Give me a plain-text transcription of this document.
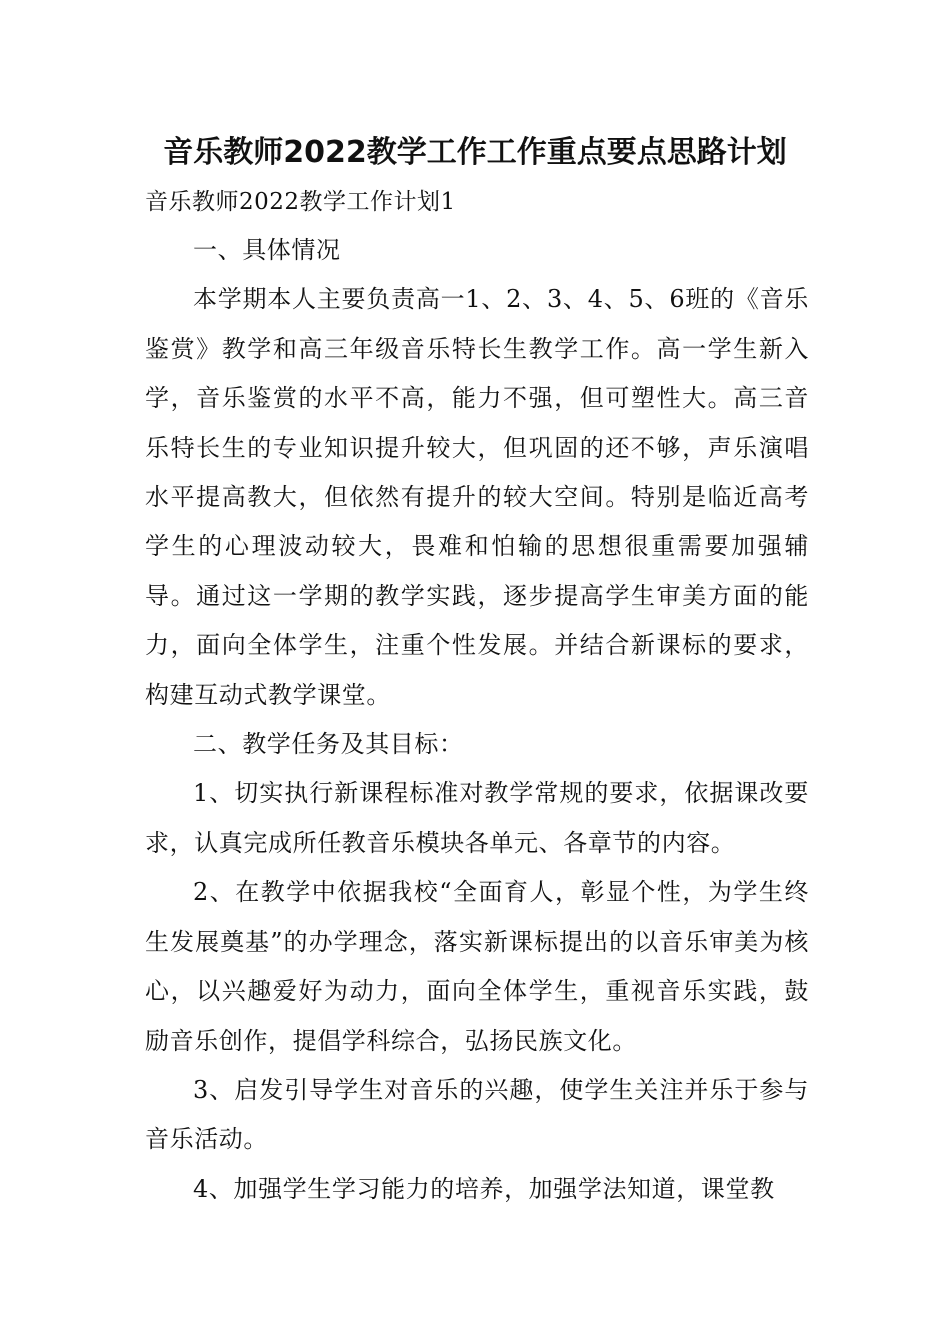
音乐教师2022教学工作工作重点要点思路计划

音乐教师2022教学工作计划1

一、具体情况

本学期本人主要负责高一1、2、3、4、5、6班的《音乐鉴赏》教学和高三年级音乐特长生教学工作。高一学生新入学，音乐鉴赏的水平不高，能力不强，但可塑性大。高三音乐特长生的专业知识提升较大，但巩固的还不够，声乐演唱水平提高教大，但依然有提升的较大空间。特别是临近高考学生的心理波动较大，畏难和怕输的思想很重需要加强辅导。通过这一学期的教学实践，逐步提高学生审美方面的能力，面向全体学生，注重个性发展。并结合新课标的要求，构建互动式教学课堂。

二、教学任务及其目标：

1、切实执行新课程标准对教学常规的要求，依据课改要求，认真完成所任教音乐模块各单元、各章节的内容。

2、在教学中依据我校“全面育人，彰显个性，为学生终生发展奠基”的办学理念，落实新课标提出的以音乐审美为核心，以兴趣爱好为动力，面向全体学生，重视音乐实践，鼓励音乐创作，提倡学科综合，弘扬民族文化。

3、启发引导学生对音乐的兴趣，使学生关注并乐于参与音乐活动。

4、加强学生学习能力的培养，加强学法知道，课堂教
